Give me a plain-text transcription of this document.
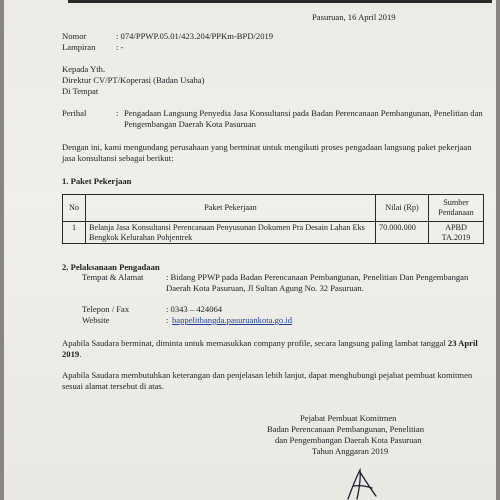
Pasuruan, 16 April 2019
Nomor	: 074/PPWP.05.01/423.204/PPKm-BPD/2019
Lampiran : -
Kepada Yth.
Direktur CV/PT/Koperasi (Badan Usaha)
Di Tempat
Perihal	: Pengadaan Langsung Penyedia Jasa Konsultansi pada Badan Perencanaan Pembangunan, Penelitian dan Pengembangan Daerah Kota Pasuruan
Dengan ini, kami mengundang perusahaan yang berminat untuk mengikuti proses pengadaan langsung paket pekerjaan jasa konsultansi sebagai berikut:
1. Paket Pekerjaan
No	Paket Pekerjaan	Nilai (Rp)	Sumber Pendanaan
1	Belanja Jasa Konsultansi Perencanaan Penyusunan Dokumen Pra Desain Lahan Eks Bengkok Kelurahan Pohjentrek	70.000.000	APBD TA.2019
2. Pelaksanaan Pengadaan
Tempat & Alamat	: Bidang PPWP pada Badan Perencanaan Pembangunan, Penelitian Dan Pengembangan Daerah Kota Pasuruan, Jl Sultan Agung No. 32 Pasuruan.
Telepon / Fax	: 0343 – 424064
Website	: bappelitbangda.pasuruankota.go.id
Apabila Saudara berminat, diminta untuk memasukkan company profile, secara langsung paling lambat tanggal 23 April 2019.
Apabila Saudara membutuhkan keterangan dan penjelasan lebih lanjut, dapat menghubungi pejabat pembuat komitmen sesuai alamat tersebut di atas.
Pejabat Pembuat Komitmen
Badan Perencanaan Pembangunan, Penelitian
dan Pengembangan Daerah Kota Pasuruan
Tahun Anggaran 2019
